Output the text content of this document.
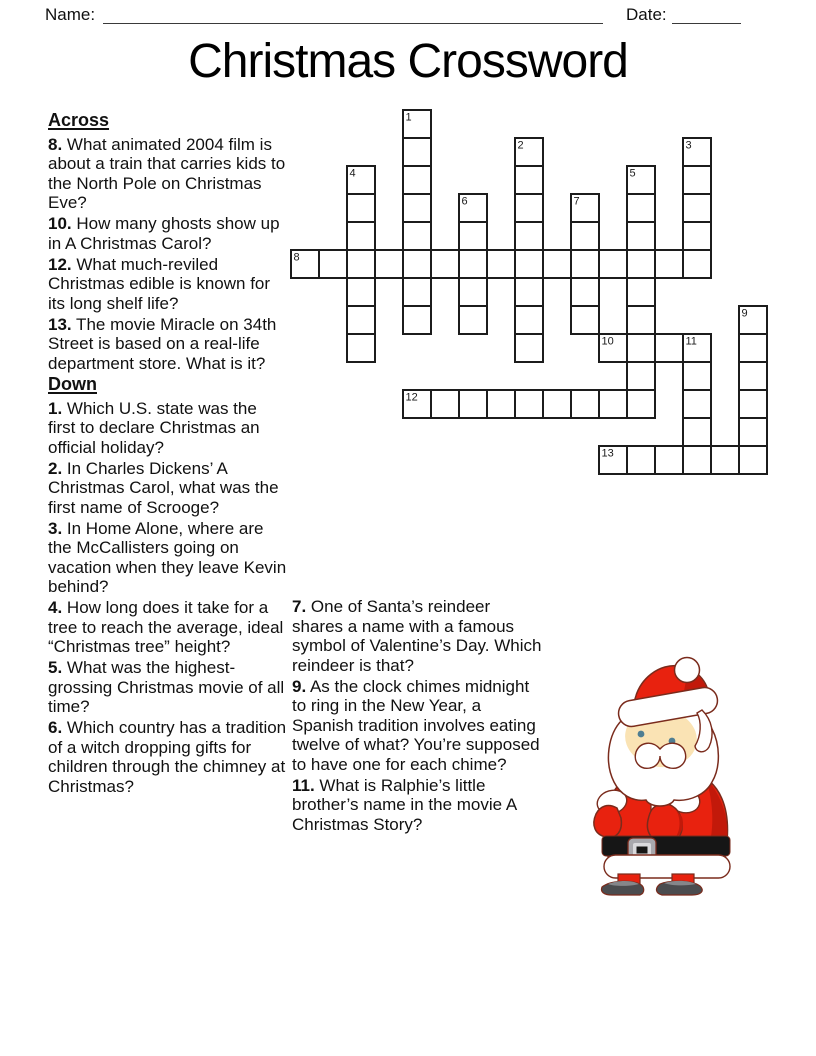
Name:	Date:
Christmas Crossword
1
2	3
4	5
6	7
8
9
10	11
12
13
Across
8. What animated 2004 film is about a train that carries kids to the North Pole on Christmas Eve?
10. How many ghosts show up in A Christmas Carol?
12. What much-reviled Christmas edible is known for its long shelf life?
13. The movie Miracle on 34th Street is based on a real-life department store. What is it?
Down
1. Which U.S. state was the first to declare Christmas an official holiday?
2. In Charles Dickens’ A Christmas Carol, what was the first name of Scrooge?
3. In Home Alone, where are the McCallisters going on vacation when they leave Kevin behind?
4. How long does it take for a tree to reach the average, ideal “Christmas tree” height?
5. What was the highest-grossing Christmas movie of all time?
6. Which country has a tradition of a witch dropping gifts for children through the chimney at Christmas?
7. One of Santa’s reindeer shares a name with a famous symbol of Valentine’s Day. Which reindeer is that?
9. As the clock chimes midnight to ring in the New Year, a Spanish tradition involves eating twelve of what? You’re supposed to have one for each chime?
11. What is Ralphie’s little brother’s name in the movie A Christmas Story?
